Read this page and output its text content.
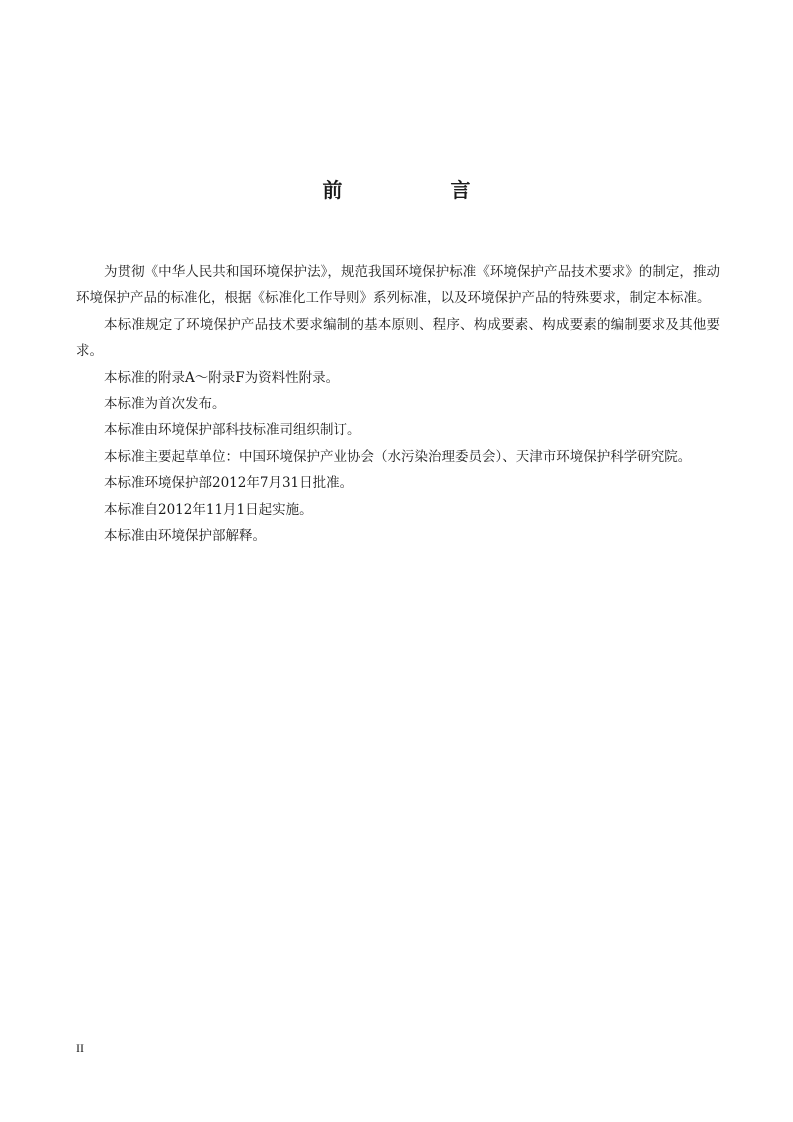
前　言

为贯彻《中华人民共和国环境保护法》，规范我国环境保护标准《环境保护产品技术要求》的制定，推动环境保护产品的标准化，根据《标准化工作导则》系列标准，以及环境保护产品的特殊要求，制定本标准。

本标准规定了环境保护产品技术要求编制的基本原则、程序、构成要素、构成要素的编制要求及其他要求。

本标准的附录A～附录F为资料性附录。

本标准为首次发布。

本标准由环境保护部科技标准司组织制订。

本标准主要起草单位：中国环境保护产业协会（水污染治理委员会）、天津市环境保护科学研究院。

本标准环境保护部2012年7月31日批准。

本标准自2012年11月1日起实施。

本标准由环境保护部解释。

II
